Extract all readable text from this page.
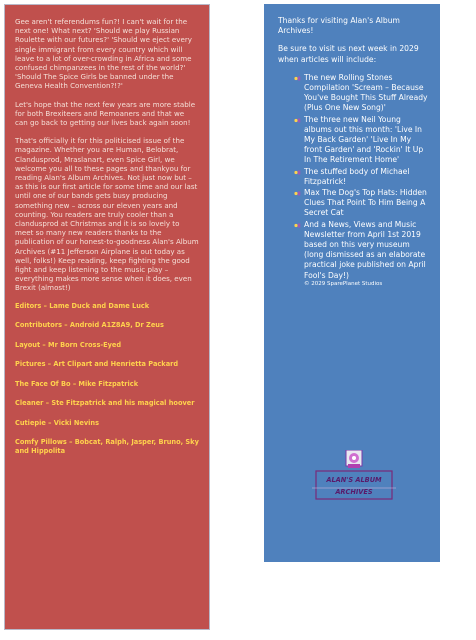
Gee aren't referendums fun?! I can't wait for the next one! What next? 'Should we play Russian Roulette with our futures?' 'Should we eject every single immigrant from every country which will leave to a lot of over-crowding in Africa and some confused chimpanzees in the rest of the world?' 'Should The Spice Girls be banned under the Geneva Health Convention?!?'

Let's hope that the next few years are more stable for both Brexiteers and Remoaners and that we can go back to getting our lives back again soon!

That's officially it for this politicised issue of the magazine. Whether you are Human, Belobrat, Clandusprod, Mraslanart, even Spice Girl, we welcome you all to these pages and thankyou for reading Alan's Album Archives. Not just now but – as this is our first article for some time and our last until one of our bands gets busy producing something new – across our eleven years and counting. You readers are truly cooler than a clandusprod at Christmas and it is so lovely to meet so many new readers thanks to the publication of our honest-to-goodness Alan's Album Archives (#11 Jefferson Airplane is out today as well, folks!) Keep reading, keep fighting the good fight and keep listening to the music play – everything makes more sense when it does, even Brexit (almost!)

Editors – Lame Duck and Dame Luck
Contributors – Android A1Z8A9, Dr Zeus
Layout – Mr Born Cross-Eyed
Pictures – Art Clipart and Henrietta Packard
The Face Of Bo – Mike Fitzpatrick
Cleaner – Ste Fitzpatrick and his magical hoover
Cutiepie – Vicki Nevins
Comfy Pillows – Bobcat, Ralph, Jasper, Bruno, Sky and Hippolita

Thanks for visiting Alan's Album Archives!

Be sure to visit us next week in 2029 when articles will include:

The new Rolling Stones Compilation 'Scream – Because You've Bought This Stuff Already (Plus One New Song)'
The three new Neil Young albums out this month: 'Live In My Back Garden' 'Live In My front Garden' and 'Rockin' It Up In The Retirement Home'
The stuffed body of Michael Fitzpatrick!
Max The Dog's Top Hats: Hidden Clues That Point To Him Being A Secret Cat
And a News, Views and Music Newsletter from April 1st 2019 based on this very museum (long dismissed as an elaborate practical joke published on April Fool's Day!)
© 2029 SparePlanet Studios
ALAN'S ALBUM
ARCHIVES
